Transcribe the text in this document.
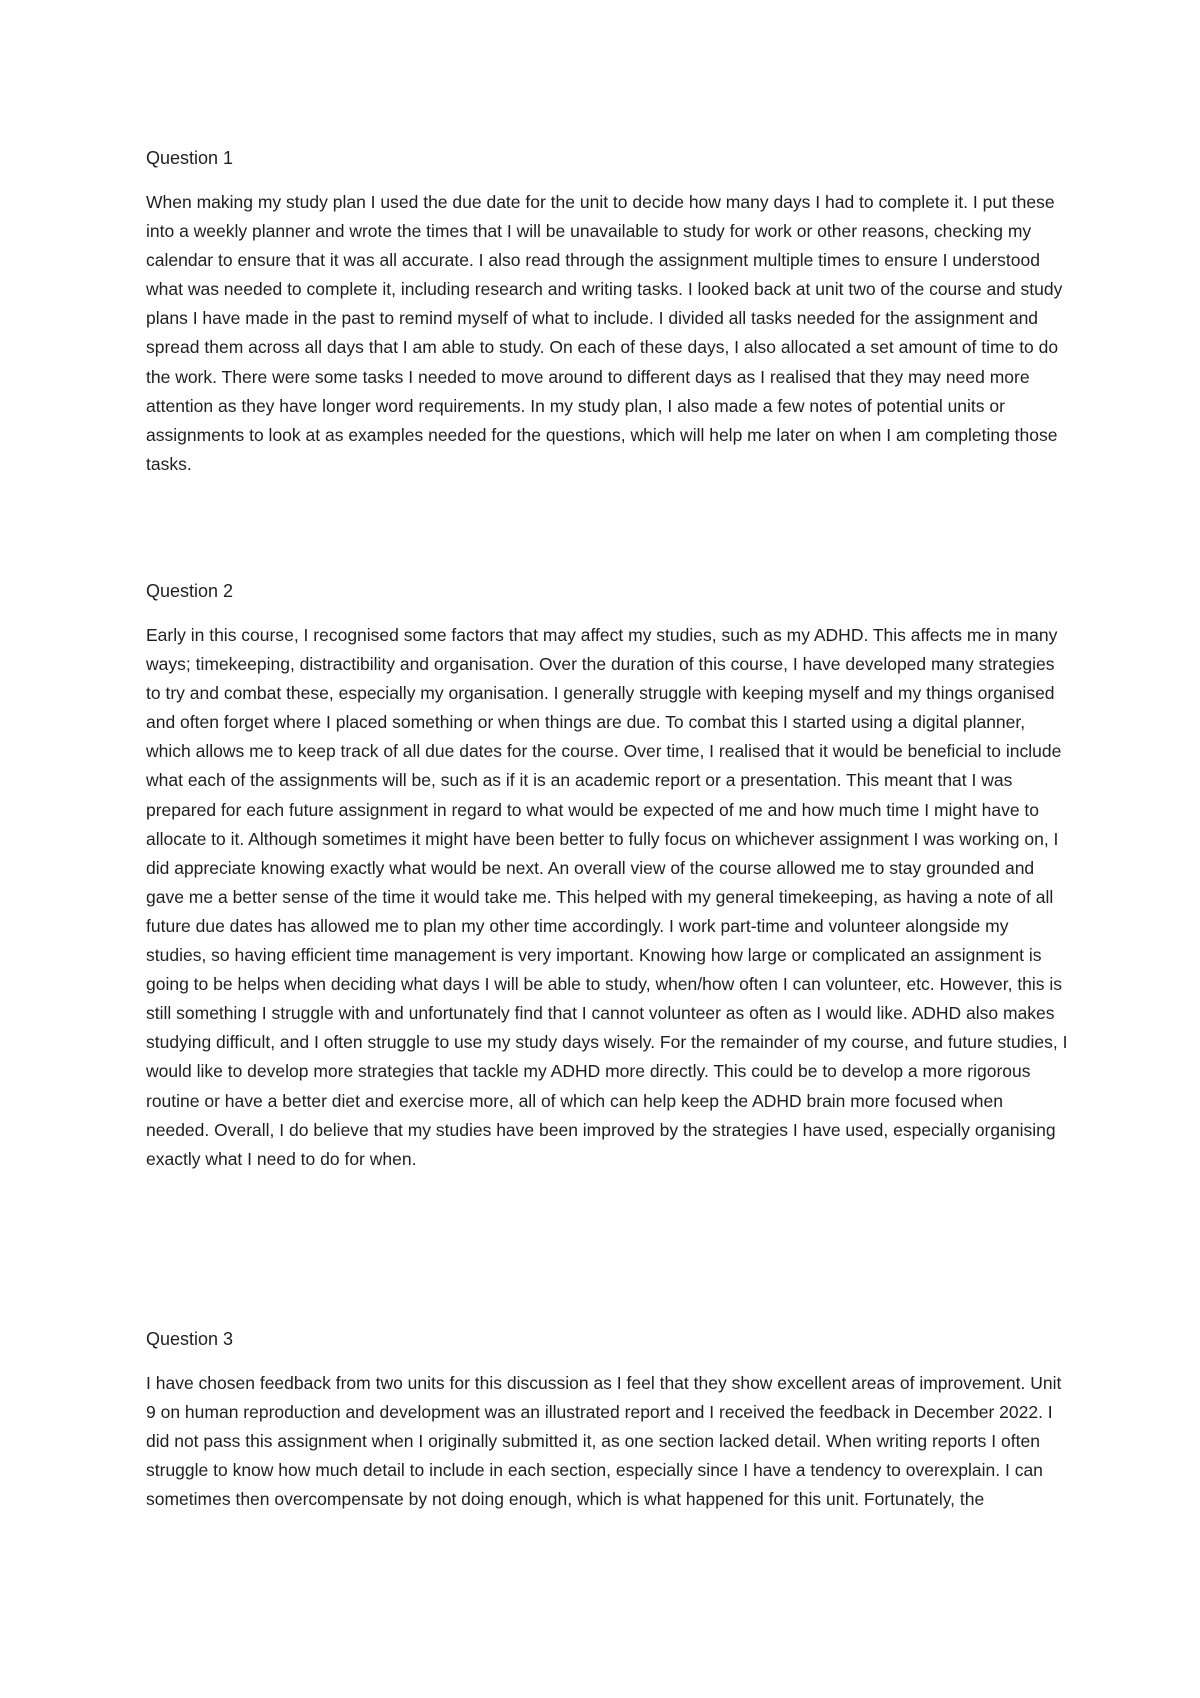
Question 1

When making my study plan I used the due date for the unit to decide how many days I had to complete it. I put these into a weekly planner and wrote the times that I will be unavailable to study for work or other reasons, checking my calendar to ensure that it was all accurate. I also read through the assignment multiple times to ensure I understood what was needed to complete it, including research and writing tasks. I looked back at unit two of the course and study plans I have made in the past to remind myself of what to include. I divided all tasks needed for the assignment and spread them across all days that I am able to study. On each of these days, I also allocated a set amount of time to do the work. There were some tasks I needed to move around to different days as I realised that they may need more attention as they have longer word requirements. In my study plan, I also made a few notes of potential units or assignments to look at as examples needed for the questions, which will help me later on when I am completing those tasks.

Question 2

Early in this course, I recognised some factors that may affect my studies, such as my ADHD. This affects me in many ways; timekeeping, distractibility and organisation. Over the duration of this course, I have developed many strategies to try and combat these, especially my organisation. I generally struggle with keeping myself and my things organised and often forget where I placed something or when things are due. To combat this I started using a digital planner, which allows me to keep track of all due dates for the course. Over time, I realised that it would be beneficial to include what each of the assignments will be, such as if it is an academic report or a presentation. This meant that I was prepared for each future assignment in regard to what would be expected of me and how much time I might have to allocate to it. Although sometimes it might have been better to fully focus on whichever assignment I was working on, I did appreciate knowing exactly what would be next. An overall view of the course allowed me to stay grounded and gave me a better sense of the time it would take me. This helped with my general timekeeping, as having a note of all future due dates has allowed me to plan my other time accordingly. I work part-time and volunteer alongside my studies, so having efficient time management is very important. Knowing how large or complicated an assignment is going to be helps when deciding what days I will be able to study, when/how often I can volunteer, etc. However, this is still something I struggle with and unfortunately find that I cannot volunteer as often as I would like. ADHD also makes studying difficult, and I often struggle to use my study days wisely. For the remainder of my course, and future studies, I would like to develop more strategies that tackle my ADHD more directly. This could be to develop a more rigorous routine or have a better diet and exercise more, all of which can help keep the ADHD brain more focused when needed. Overall, I do believe that my studies have been improved by the strategies I have used, especially organising exactly what I need to do for when.

Question 3

I have chosen feedback from two units for this discussion as I feel that they show excellent areas of improvement. Unit 9 on human reproduction and development was an illustrated report and I received the feedback in December 2022. I did not pass this assignment when I originally submitted it, as one section lacked detail. When writing reports I often struggle to know how much detail to include in each section, especially since I have a tendency to overexplain. I can sometimes then overcompensate by not doing enough, which is what happened for this unit. Fortunately, the
